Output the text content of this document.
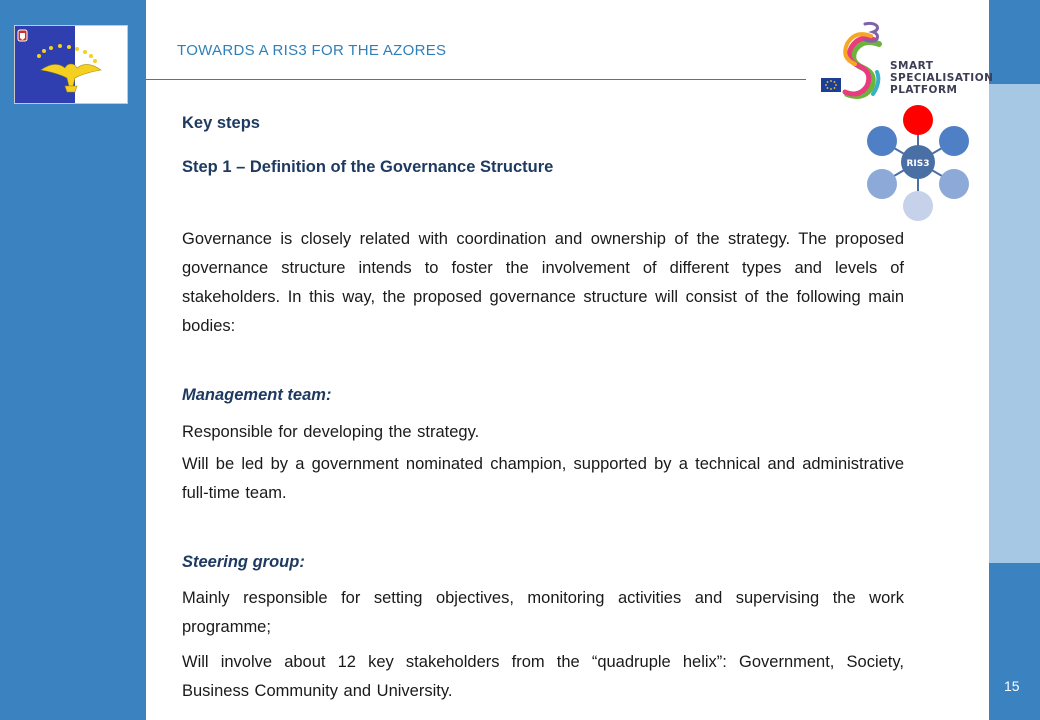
TOWARDS A RIS3 FOR THE AZORES
SMART
SPECIALISATION
PLATFORM
RIS3
Key steps
Step 1 – Definition of the Governance Structure
Governance is closely related with coordination and ownership of the strategy. The proposed governance structure intends to foster the involvement of different types and levels of stakeholders. In this way, the proposed governance structure will consist of the following main bodies:
Management team:
Responsible for developing the strategy.
Will be led by a government nominated champion, supported by a technical and administrative full-time team.
Steering group:
Mainly responsible for setting objectives, monitoring activities and supervising the work programme;
Will involve about 12 key stakeholders from the “quadruple helix”: Government, Society, Business Community and University.	15
